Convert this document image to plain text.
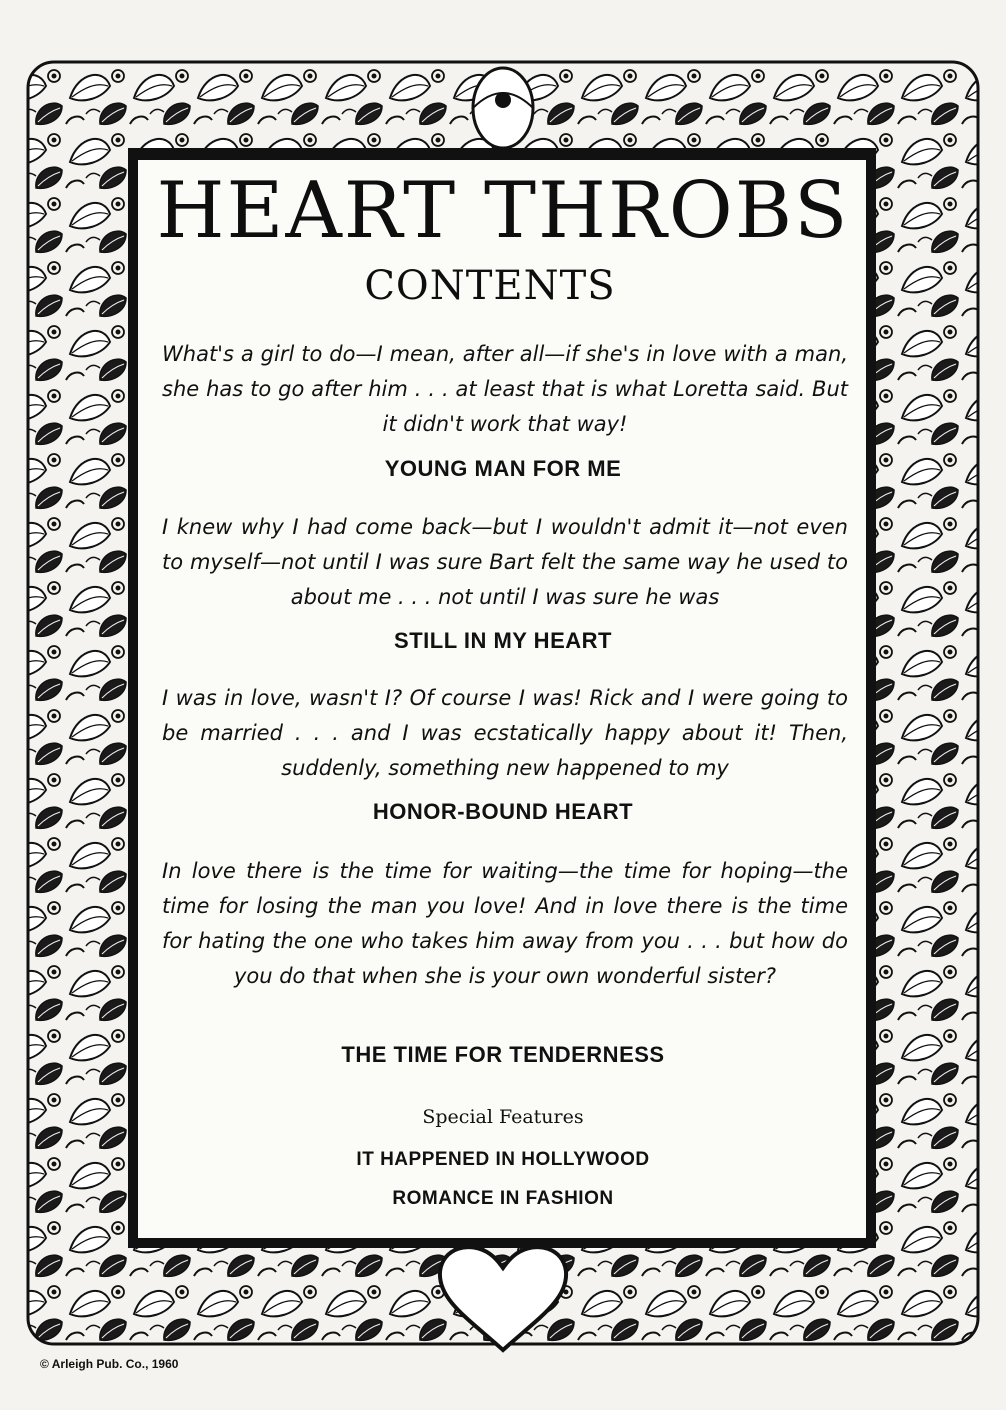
HEART THROBS
CONTENTS

What's a girl to do—I mean, after all—if she's in love with a man, she has to go after him . . . at least that is what Loretta said. But it didn't work that way!

YOUNG MAN FOR ME

I knew why I had come back—but I wouldn't admit it—not even to myself—not until I was sure Bart felt the same way he used to about me . . . not until I was sure he was

STILL IN MY HEART

I was in love, wasn't I? Of course I was! Rick and I were going to be married . . . and I was ecstatically happy about it! Then, suddenly, something new happened to my

HONOR-BOUND HEART

In love there is the time for waiting—the time for hoping—the time for losing the man you love! And in love there is the time for hating the one who takes him away from you . . . but how do you do that when she is your own wonderful sister?

THE TIME FOR TENDERNESS
Special Features
IT HAPPENED IN HOLLYWOOD
ROMANCE IN FASHION
© Arleigh Pub. Co., 1960
